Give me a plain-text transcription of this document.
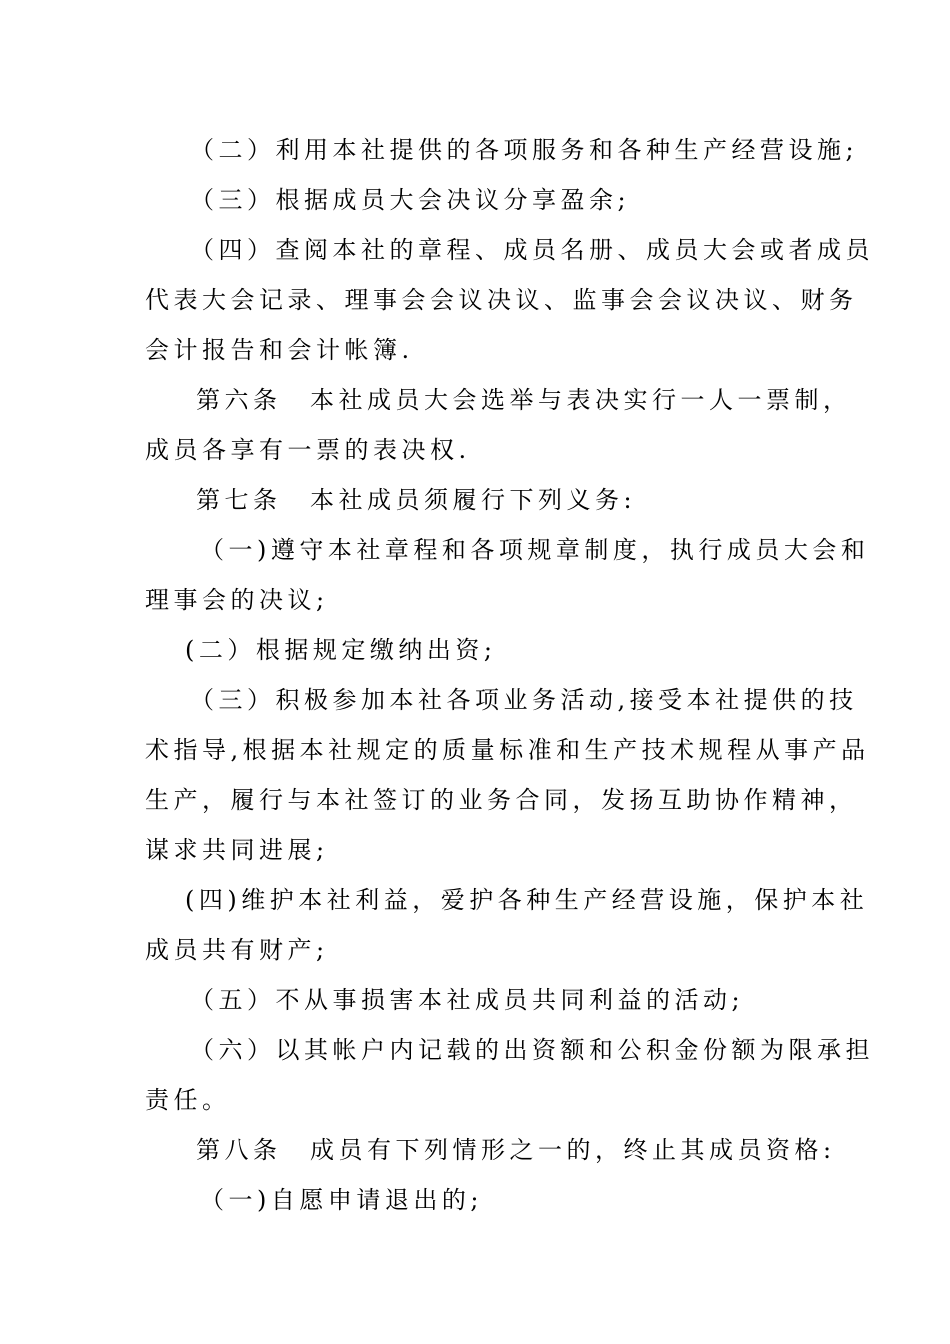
（二）利用本社提供的各项服务和各种生产经营设施;
（三）根据成员大会决议分享盈余;
（四）查阅本社的章程、成员名册、成员大会或者成员
代表大会记录、理事会会议决议、监事会会议决议、财务
会计报告和会计帐簿.
第六条　本社成员大会选举与表决实行一人一票制，
成员各享有一票的表决权.
第七条　本社成员须履行下列义务:
（一)遵守本社章程和各项规章制度，执行成员大会和
理事会的决议;
(二）根据规定缴纳出资;
（三）积极参加本社各项业务活动,接受本社提供的技
术指导,根据本社规定的质量标准和生产技术规程从事产品
生产，履行与本社签订的业务合同，发扬互助协作精神，
谋求共同进展;
(四)维护本社利益，爱护各种生产经营设施，保护本社
成员共有财产;
（五）不从事损害本社成员共同利益的活动;
（六）以其帐户内记载的出资额和公积金份额为限承担
责任。
第八条　成员有下列情形之一的，终止其成员资格:
（一)自愿申请退出的;
